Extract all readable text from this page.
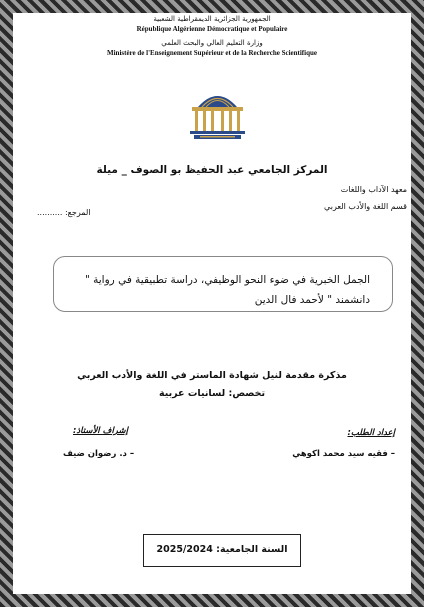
الجمهورية الجزائرية الديمقراطية الشعبية
République Algérienne Démocratique et Populaire
وزارة التعليم العالي والبحث العلمي
Ministère de l'Enseignement Supérieur et de la Recherche Scientifique
المركز الجامعي عبد الحفيظ بو الصوف _ ميلة
معهد الآداب واللغات
قسم اللغة والأدب العربي
المرجع: ..........
الجمل الخبرية في ضوء النحو الوظيفي، دراسة تطبيقية في رواية " دانشمند " لأحمد فال الدين
مذكرة مقدمة لنيل شهادة الماستر في اللغة والأدب العربي
تخصص: لسانيات عربية
إعداد الطلب:
– فقيه سيد محمد اكوهي
إشراف الأستاذ:
– د. رضوان ضيف
السنة الجامعية: 2025/2024
